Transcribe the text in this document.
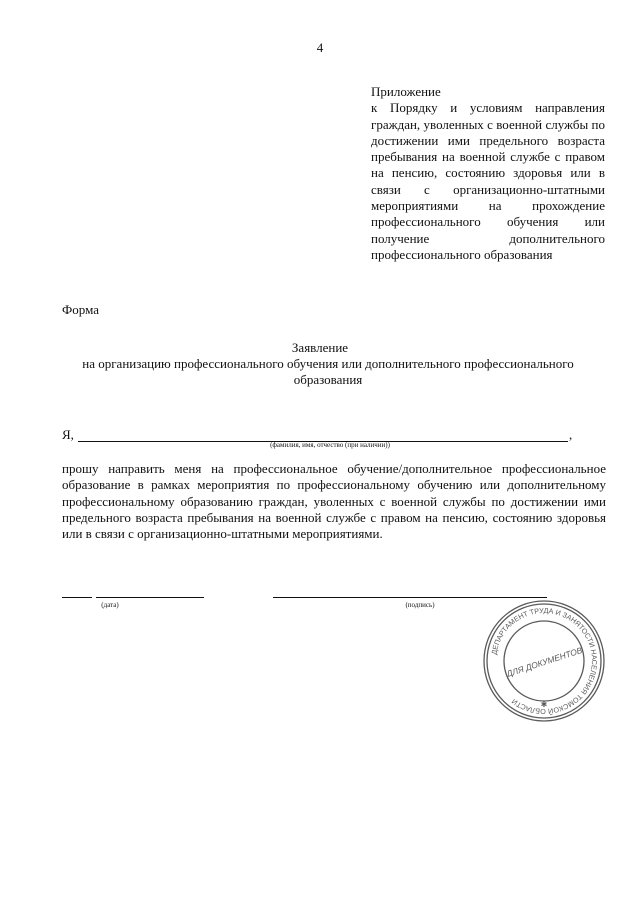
4
Приложение
к Порядку и условиям направления граждан, уволенных с военной службы по достижении ими предельного возраста пребывания на военной службе с правом на пенсию, состоянию здоровья или в связи с организационно-штатными мероприятиями на прохождение профессионального обучения или получение дополнительного профессионального образования
Форма
Заявление
на организацию профессионального обучения или дополнительного профессионального образования
Я,	,
(фамилия, имя, отчество (при наличии))
прошу направить меня на профессиональное обучение/дополнительное профессиональное образование в рамках мероприятия по профессиональному обучению или дополнительному профессиональному образованию граждан, уволенных с военной службы по достижении ими предельного возраста пребывания на военной службе с правом на пенсию, состоянию здоровья или в связи с организационно-штатными мероприятиями.
(дата)	(подпись)
ДЕПАРТАМЕНТ ТРУДА И ЗАНЯТОСТИ НАСЕЛЕНИЯ ТОМСКОЙ ОБЛАСТИ
ДЛЯ ДОКУМЕНТОВ
✱
